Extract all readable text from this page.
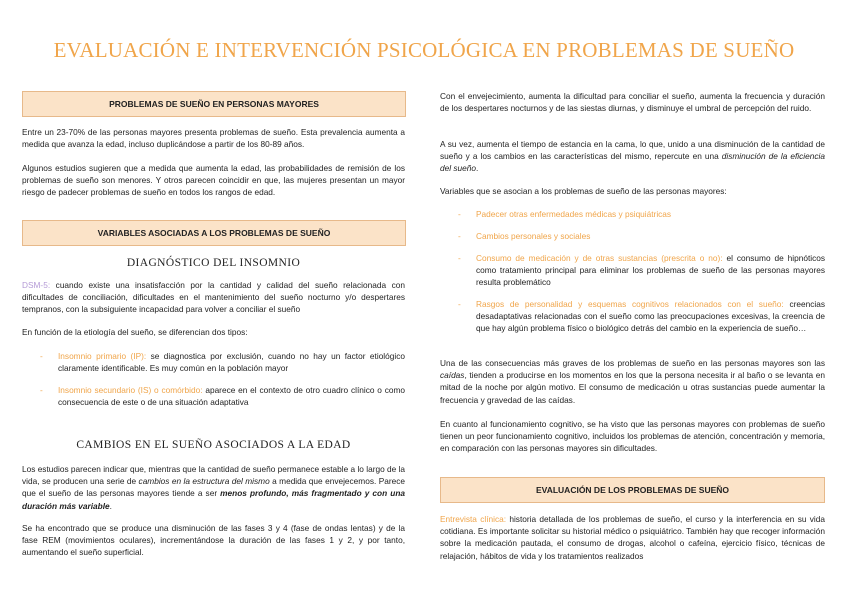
EVALUACIÓN E INTERVENCIÓN PSICOLÓGICA EN PROBLEMAS DE SUEÑO
PROBLEMAS DE SUEÑO EN PERSONAS MAYORES
Entre un 23-70% de las personas mayores presenta problemas de sueño. Esta prevalencia aumenta a medida que avanza la edad, incluso duplicándose a partir de los 80-89 años.
Algunos estudios sugieren que a medida que aumenta la edad, las probabilidades de remisión de los problemas de sueño son menores. Y otros parecen coincidir en que, las mujeres presentan un mayor riesgo de padecer problemas de sueño en todos los rangos de edad.
VARIABLES ASOCIADAS A LOS PROBLEMAS DE SUEÑO
DIAGNÓSTICO DEL INSOMNIO
DSM-5: cuando existe una insatisfacción por la cantidad y calidad del sueño relacionada con dificultades de conciliación, dificultades en el mantenimiento del sueño nocturno y/o despertares tempranos, con la subsiguiente incapacidad para volver a conciliar el sueño
En función de la etiología del sueño, se diferencian dos tipos:
- Insomnio primario (IP): se diagnostica por exclusión, cuando no hay un factor etiológico claramente identificable. Es muy común en la población mayor
- Insomnio secundario (IS) o comórbido: aparece en el contexto de otro cuadro clínico o como consecuencia de este o de una situación adaptativa
CAMBIOS EN EL SUEÑO ASOCIADOS A LA EDAD
Los estudios parecen indicar que, mientras que la cantidad de sueño permanece estable a lo largo de la vida, se producen una serie de cambios en la estructura del mismo a medida que envejecemos. Parece que el sueño de las personas mayores tiende a ser menos profundo, más fragmentado y con una duración más variable.
Se ha encontrado que se produce una disminución de las fases 3 y 4 (fase de ondas lentas) y de la fase REM (movimientos oculares), incrementándose la duración de las fases 1 y 2, y por tanto, aumentando el sueño superficial.
Con el envejecimiento, aumenta la dificultad para conciliar el sueño, aumenta la frecuencia y duración de los despertares nocturnos y de las siestas diurnas, y disminuye el umbral de percepción del ruido.
A su vez, aumenta el tiempo de estancia en la cama, lo que, unido a una disminución de la cantidad de sueño y a los cambios en las características del mismo, repercute en una disminución de la eficiencia del sueño.
Variables que se asocian a los problemas de sueño de las personas mayores:
- Padecer otras enfermedades médicas y psiquiátricas
- Cambios personales y sociales
- Consumo de medicación y de otras sustancias (prescrita o no): el consumo de hipnóticos como tratamiento principal para eliminar los problemas de sueño de las personas mayores resulta problemático
- Rasgos de personalidad y esquemas cognitivos relacionados con el sueño: creencias desadaptativas relacionadas con el sueño como las preocupaciones excesivas, la creencia de que hay algún problema físico o biológico detrás del cambio en la experiencia de sueño…
Una de las consecuencias más graves de los problemas de sueño en las personas mayores son las caídas, tienden a producirse en los momentos en los que la persona necesita ir al baño o se levanta en mitad de la noche por algún motivo. El consumo de medicación u otras sustancias puede aumentar la frecuencia y gravedad de las caídas.
En cuanto al funcionamiento cognitivo, se ha visto que las personas mayores con problemas de sueño tienen un peor funcionamiento cognitivo, incluidos los problemas de atención, concentración y memoria, en comparación con las personas mayores sin dificultades.
EVALUACIÓN DE LOS PROBLEMAS DE SUEÑO
Entrevista clínica: historia detallada de los problemas de sueño, el curso y la interferencia en su vida cotidiana. Es importante solicitar su historial médico o psiquiátrico. También hay que recoger información sobre la medicación pautada, el consumo de drogas, alcohol o cafeína, ejercicio físico, técnicas de relajación, hábitos de vida y los tratamientos realizados
